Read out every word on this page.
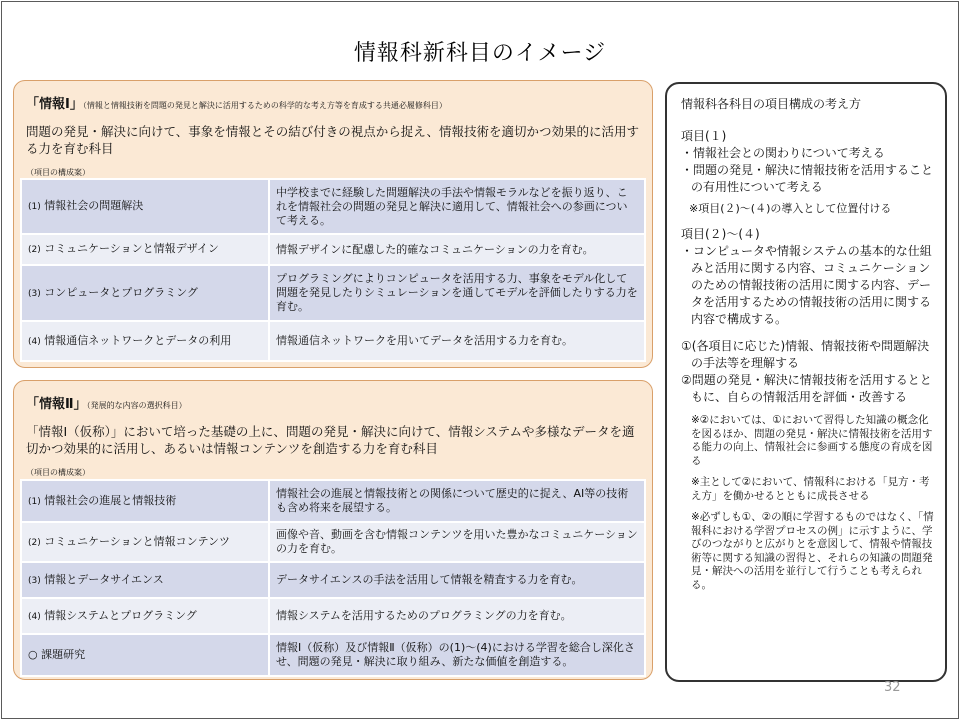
情報科新科目のイメージ
「情報Ⅰ」（情報と情報技術を問題の発見と解決に活用するための科学的な考え方等を育成する共通必履修科目）
問題の発見・解決に向けて、事象を情報とその結び付きの視点から捉え、情報技術を適切かつ効果的に活用する力を育む科目
（項目の構成案）
(1) 情報社会の問題解決	中学校までに経験した問題解決の手法や情報モラルなどを振り返り、これを情報社会の問題の発見と解決に適用して、情報社会への参画について考える。
(2) コミュニケーションと情報デザイン	情報デザインに配慮した的確なコミュニケーションの力を育む。
(3) コンピュータとプログラミング	プログラミングによりコンピュータを活用する力、事象をモデル化して問題を発見したりシミュレーションを通してモデルを評価したりする力を育む。
(4) 情報通信ネットワークとデータの利用	情報通信ネットワークを用いてデータを活用する力を育む。
「情報Ⅱ」（発展的な内容の選択科目）
「情報Ⅰ（仮称）」において培った基礎の上に、問題の発見・解決に向けて、情報システムや多様なデータを適切かつ効果的に活用し、あるいは情報コンテンツを創造する力を育む科目
（項目の構成案）
(1) 情報社会の進展と情報技術	情報社会の進展と情報技術との関係について歴史的に捉え、AI等の技術も含め将来を展望する。
(2) コミュニケーションと情報コンテンツ	画像や音、動画を含む情報コンテンツを用いた豊かなコミュニケーションの力を育む。
(3) 情報とデータサイエンス	データサイエンスの手法を活用して情報を精査する力を育む。
(4) 情報システムとプログラミング	情報システムを活用するためのプログラミングの力を育む。
○ 課題研究	情報Ⅰ（仮称）及び情報Ⅱ（仮称）の(1)～(4)における学習を総合し深化させ、問題の発見・解決に取り組み、新たな価値を創造する。

情報科各科目の項目構成の考え方

項目(１)

・情報社会との関わりについて考える

・問題の発見・解決に情報技術を活用することの有用性について考える

※項目(２)～(４)の導入として位置付ける

項目(２)～(４)

・コンピュータや情報システムの基本的な仕組みと活用に関する内容、コミュニケーションのための情報技術の活用に関する内容、データを活用するための情報技術の活用に関する内容で構成する。

①(各項目に応じた)情報、情報技術や問題解決の手法等を理解する

②問題の発見・解決に情報技術を活用するとともに、自らの情報活用を評価・改善する

※②においては、①において習得した知識の概念化を図るほか、問題の発見・解決に情報技術を活用する能力の向上、情報社会に参画する態度の育成を図る

※主として②において、情報科における「見方・考え方」を働かせるとともに成長させる

※必ずしも①、②の順に学習するものではなく、「情報科における学習プロセスの例」に示すように、学びのつながりと広がりとを意図して、情報や情報技術等に関する知識の習得と、それらの知識の問題発見・解決への活用を並行して行うことも考えられる。

32
